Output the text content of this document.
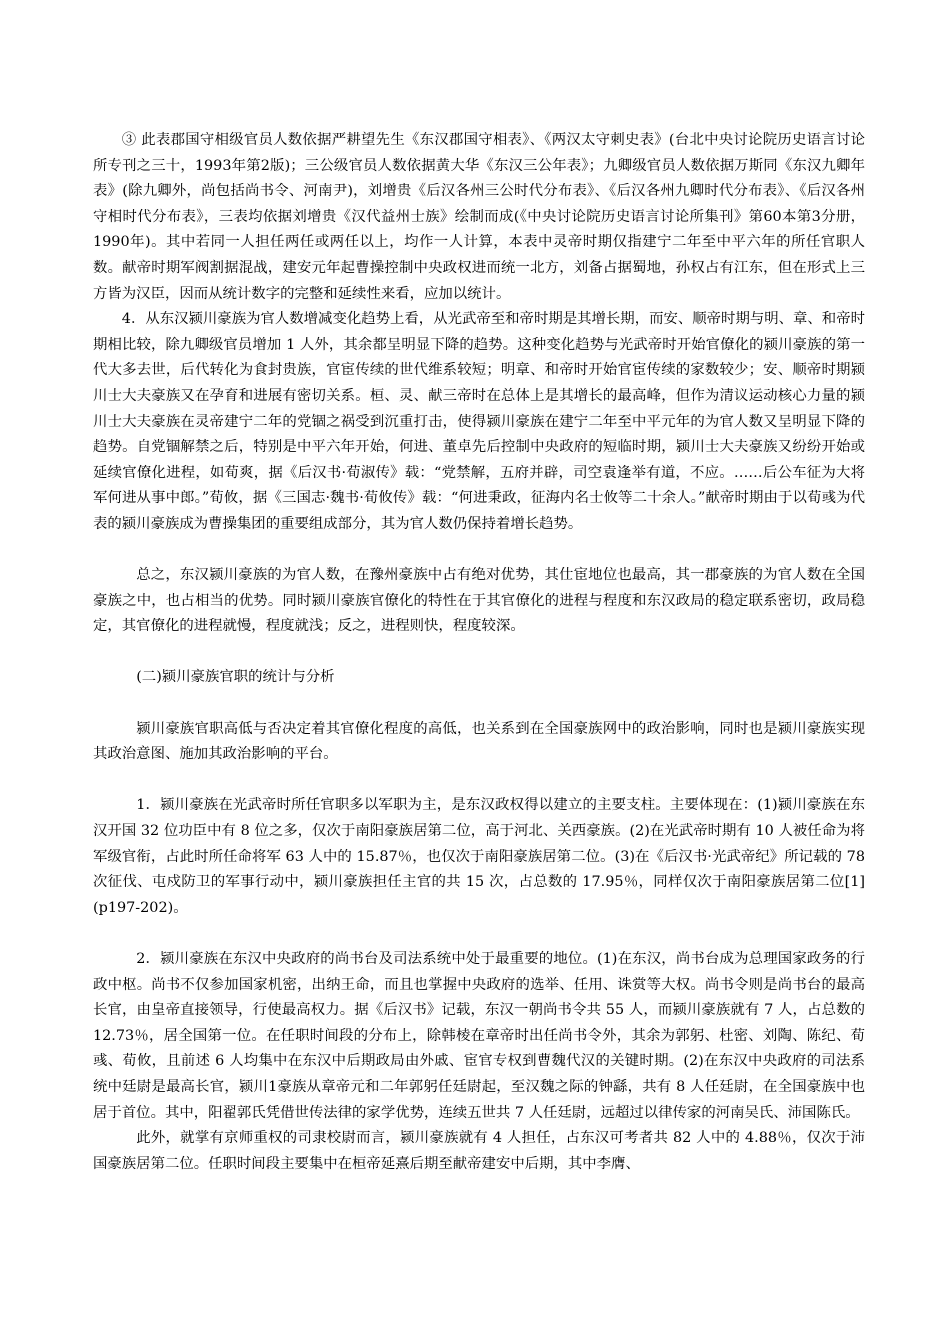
③ 此表郡国守相级官员人数依据严耕望先生《东汉郡国守相表》、《两汉太守刺史表》(台北中央讨论院历史语言讨论所专刊之三十，1993年第2版)；三公级官员人数依据黄大华《东汉三公年表》；九卿级官员人数依据万斯同《东汉九卿年表》(除九卿外，尚包括尚书令、河南尹)，刘增贵《后汉各州三公时代分布表》、《后汉各州九卿时代分布表》、《后汉各州守相时代分布表》，三表均依据刘增贵《汉代益州士族》绘制而成(《中央讨论院历史语言讨论所集刊》第60本第3分册，1990年)。其中若同一人担任两任或两任以上，均作一人计算，本表中灵帝时期仅指建宁二年至中平六年的所任官职人数。献帝时期军阀割据混战，建安元年起曹操控制中央政权进而统一北方，刘备占据蜀地，孙权占有江东，但在形式上三方皆为汉臣，因而从统计数字的完整和延续性来看，应加以统计。

4．从东汉颍川豪族为官人数增减变化趋势上看，从光武帝至和帝时期是其增长期，而安、顺帝时期与明、章、和帝时期相比较，除九卿级官员增加 1 人外，其余都呈明显下降的趋势。这种变化趋势与光武帝时开始官僚化的颍川豪族的第一代大多去世，后代转化为食封贵族，官宦传续的世代维系较短；明章、和帝时开始官宦传续的家数较少；安、顺帝时期颍川士大夫豪族又在孕育和进展有密切关系。桓、灵、献三帝时在总体上是其增长的最高峰，但作为清议运动核心力量的颍川士大夫豪族在灵帝建宁二年的党锢之祸受到沉重打击，使得颍川豪族在建宁二年至中平元年的为官人数又呈明显下降的趋势。自党锢解禁之后，特别是中平六年开始，何进、董卓先后控制中央政府的短临时期，颍川士大夫豪族又纷纷开始或延续官僚化进程，如荀爽，据《后汉书·荀淑传》载：“党禁解，五府并辟，司空袁逢举有道，不应。……后公车征为大将军何进从事中郎。”荀攸，据《三国志·魏书·荀攸传》载：“何进秉政，征海内名士攸等二十余人。”献帝时期由于以荀彧为代表的颍川豪族成为曹操集团的重要组成部分，其为官人数仍保持着增长趋势。

总之，东汉颍川豪族的为官人数，在豫州豪族中占有绝对优势，其仕宦地位也最高，其一郡豪族的为官人数在全国豪族之中，也占相当的优势。同时颍川豪族官僚化的特性在于其官僚化的进程与程度和东汉政局的稳定联系密切，政局稳定，其官僚化的进程就慢，程度就浅；反之，进程则快，程度较深。

(二)颍川豪族官职的统计与分析

颍川豪族官职高低与否决定着其官僚化程度的高低，也关系到在全国豪族网中的政治影响，同时也是颍川豪族实现其政治意图、施加其政治影响的平台。

1．颍川豪族在光武帝时所任官职多以军职为主，是东汉政权得以建立的主要支柱。主要体现在：(1)颍川豪族在东汉开国 32 位功臣中有 8 位之多，仅次于南阳豪族居第二位，高于河北、关西豪族。(2)在光武帝时期有 10 人被任命为将军级官衔，占此时所任命将军 63 人中的 15.87％，也仅次于南阳豪族居第二位。(3)在《后汉书·光武帝纪》所记载的 78 次征伐、屯戍防卫的军事行动中，颍川豪族担任主官的共 15 次，占总数的 17.95％，同样仅次于南阳豪族居第二位[1](p197-202)。

2．颍川豪族在东汉中央政府的尚书台及司法系统中处于最重要的地位。(1)在东汉，尚书台成为总理国家政务的行政中枢。尚书不仅参加国家机密，出纳王命，而且也掌握中央政府的选举、任用、诛赏等大权。尚书令则是尚书台的最高长官，由皇帝直接领导，行使最高权力。据《后汉书》记载，东汉一朝尚书令共 55 人，而颍川豪族就有 7 人，占总数的 12.73％，居全国第一位。在任职时间段的分布上，除韩棱在章帝时出任尚书令外，其余为郭躬、杜密、刘陶、陈纪、荀彧、荀攸，且前述 6 人均集中在东汉中后期政局由外戚、宦官专权到曹魏代汉的关键时期。(2)在东汉中央政府的司法系统中廷尉是最高长官，颍川1豪族从章帝元和二年郭躬任廷尉起，至汉魏之际的钟繇，共有 8 人任廷尉，在全国豪族中也居于首位。其中，阳翟郭氏凭借世传法律的家学优势，连续五世共 7 人任廷尉，远超过以律传家的河南吴氏、沛国陈氏。

此外，就掌有京师重权的司隶校尉而言，颍川豪族就有 4 人担任，占东汉可考者共 82 人中的 4.88％，仅次于沛国豪族居第二位。任职时间段主要集中在桓帝延熹后期至献帝建安中后期，其中李膺、
